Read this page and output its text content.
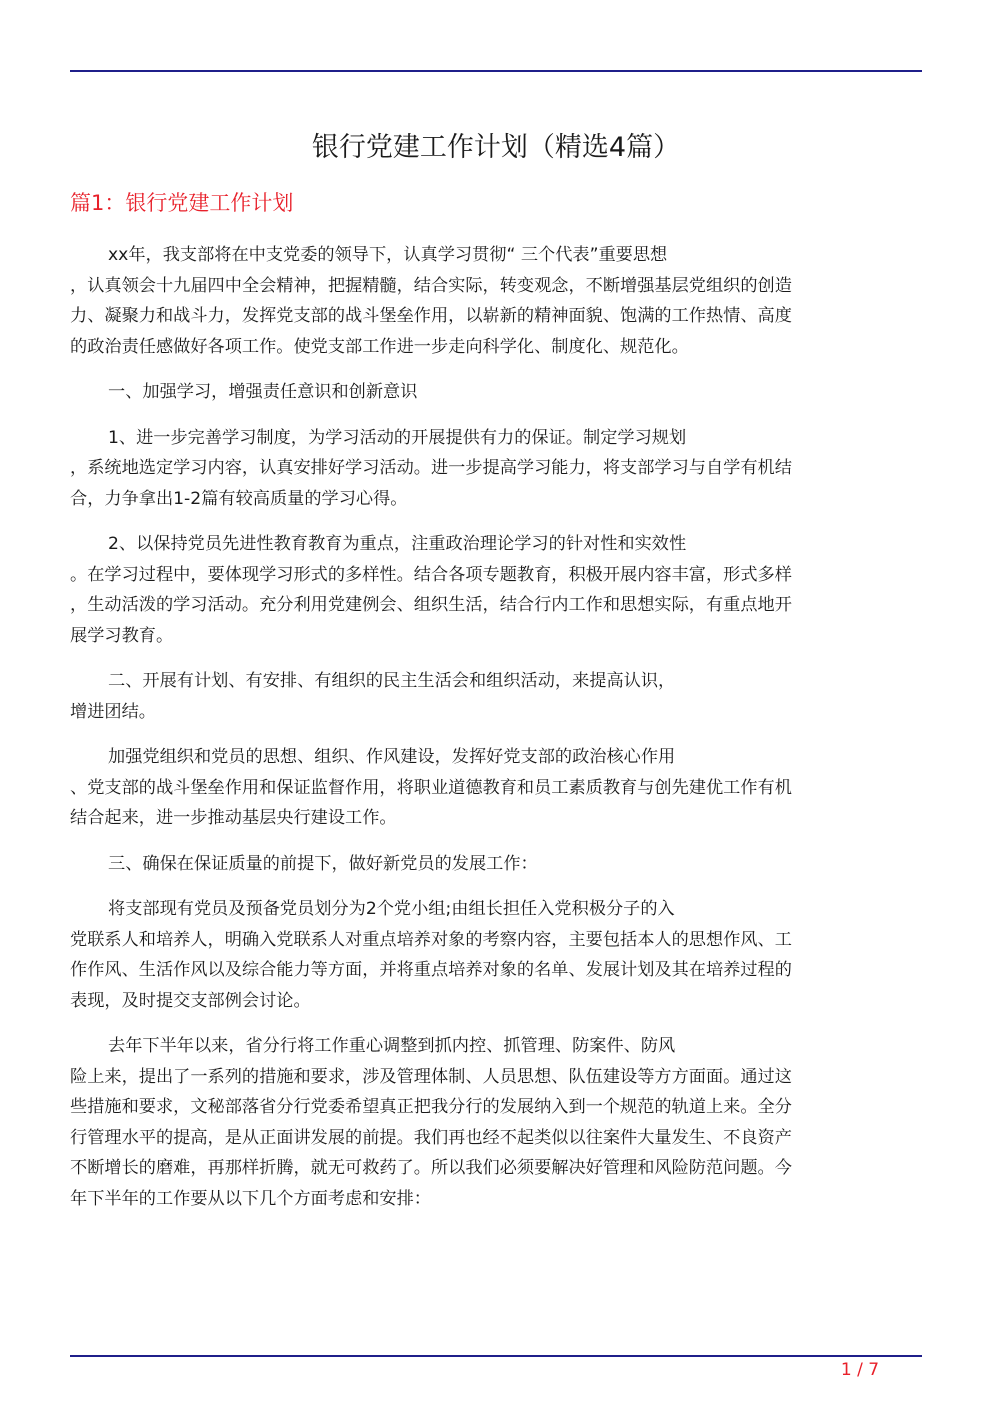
银行党建工作计划（精选4篇）
篇1：银行党建工作计划

xx年，我支部将在中支党委的领导下，认真学习贯彻“ 三个代表”重要思想
，认真领会十九届四中全会精神，把握精髓，结合实际，转变观念，不断增强基层党组织的创造
力、凝聚力和战斗力，发挥党支部的战斗堡垒作用，以崭新的精神面貌、饱满的工作热情、高度
的政治责任感做好各项工作。使党支部工作进一步走向科学化、制度化、规范化。

一、加强学习，增强责任意识和创新意识

1、进一步完善学习制度，为学习活动的开展提供有力的保证。制定学习规划
，系统地选定学习内容，认真安排好学习活动。进一步提高学习能力，将支部学习与自学有机结
合，力争拿出1-2篇有较高质量的学习心得。

2、以保持党员先进性教育教育为重点，注重政治理论学习的针对性和实效性
。在学习过程中，要体现学习形式的多样性。结合各项专题教育，积极开展内容丰富，形式多样
，生动活泼的学习活动。充分利用党建例会、组织生活，结合行内工作和思想实际，有重点地开
展学习教育。

二、开展有计划、有安排、有组织的民主生活会和组织活动，来提高认识，
增进团结。

加强党组织和党员的思想、组织、作风建设，发挥好党支部的政治核心作用
、党支部的战斗堡垒作用和保证监督作用，将职业道德教育和员工素质教育与创先建优工作有机
结合起来，进一步推动基层央行建设工作。

三、确保在保证质量的前提下，做好新党员的发展工作：

将支部现有党员及预备党员划分为2个党小组;由组长担任入党积极分子的入
党联系人和培养人，明确入党联系人对重点培养对象的考察内容，主要包括本人的思想作风、工
作作风、生活作风以及综合能力等方面，并将重点培养对象的名单、发展计划及其在培养过程的
表现，及时提交支部例会讨论。

去年下半年以来，省分行将工作重心调整到抓内控、抓管理、防案件、防风
险上来，提出了一系列的措施和要求，涉及管理体制、人员思想、队伍建设等方方面面。通过这
些措施和要求，文秘部落省分行党委希望真正把我分行的发展纳入到一个规范的轨道上来。全分
行管理水平的提高，是从正面讲发展的前提。我们再也经不起类似以往案件大量发生、不良资产
不断增长的磨难，再那样折腾，就无可救药了。所以我们必须要解决好管理和风险防范问题。今
年下半年的工作要从以下几个方面考虑和安排：

1 / 7
